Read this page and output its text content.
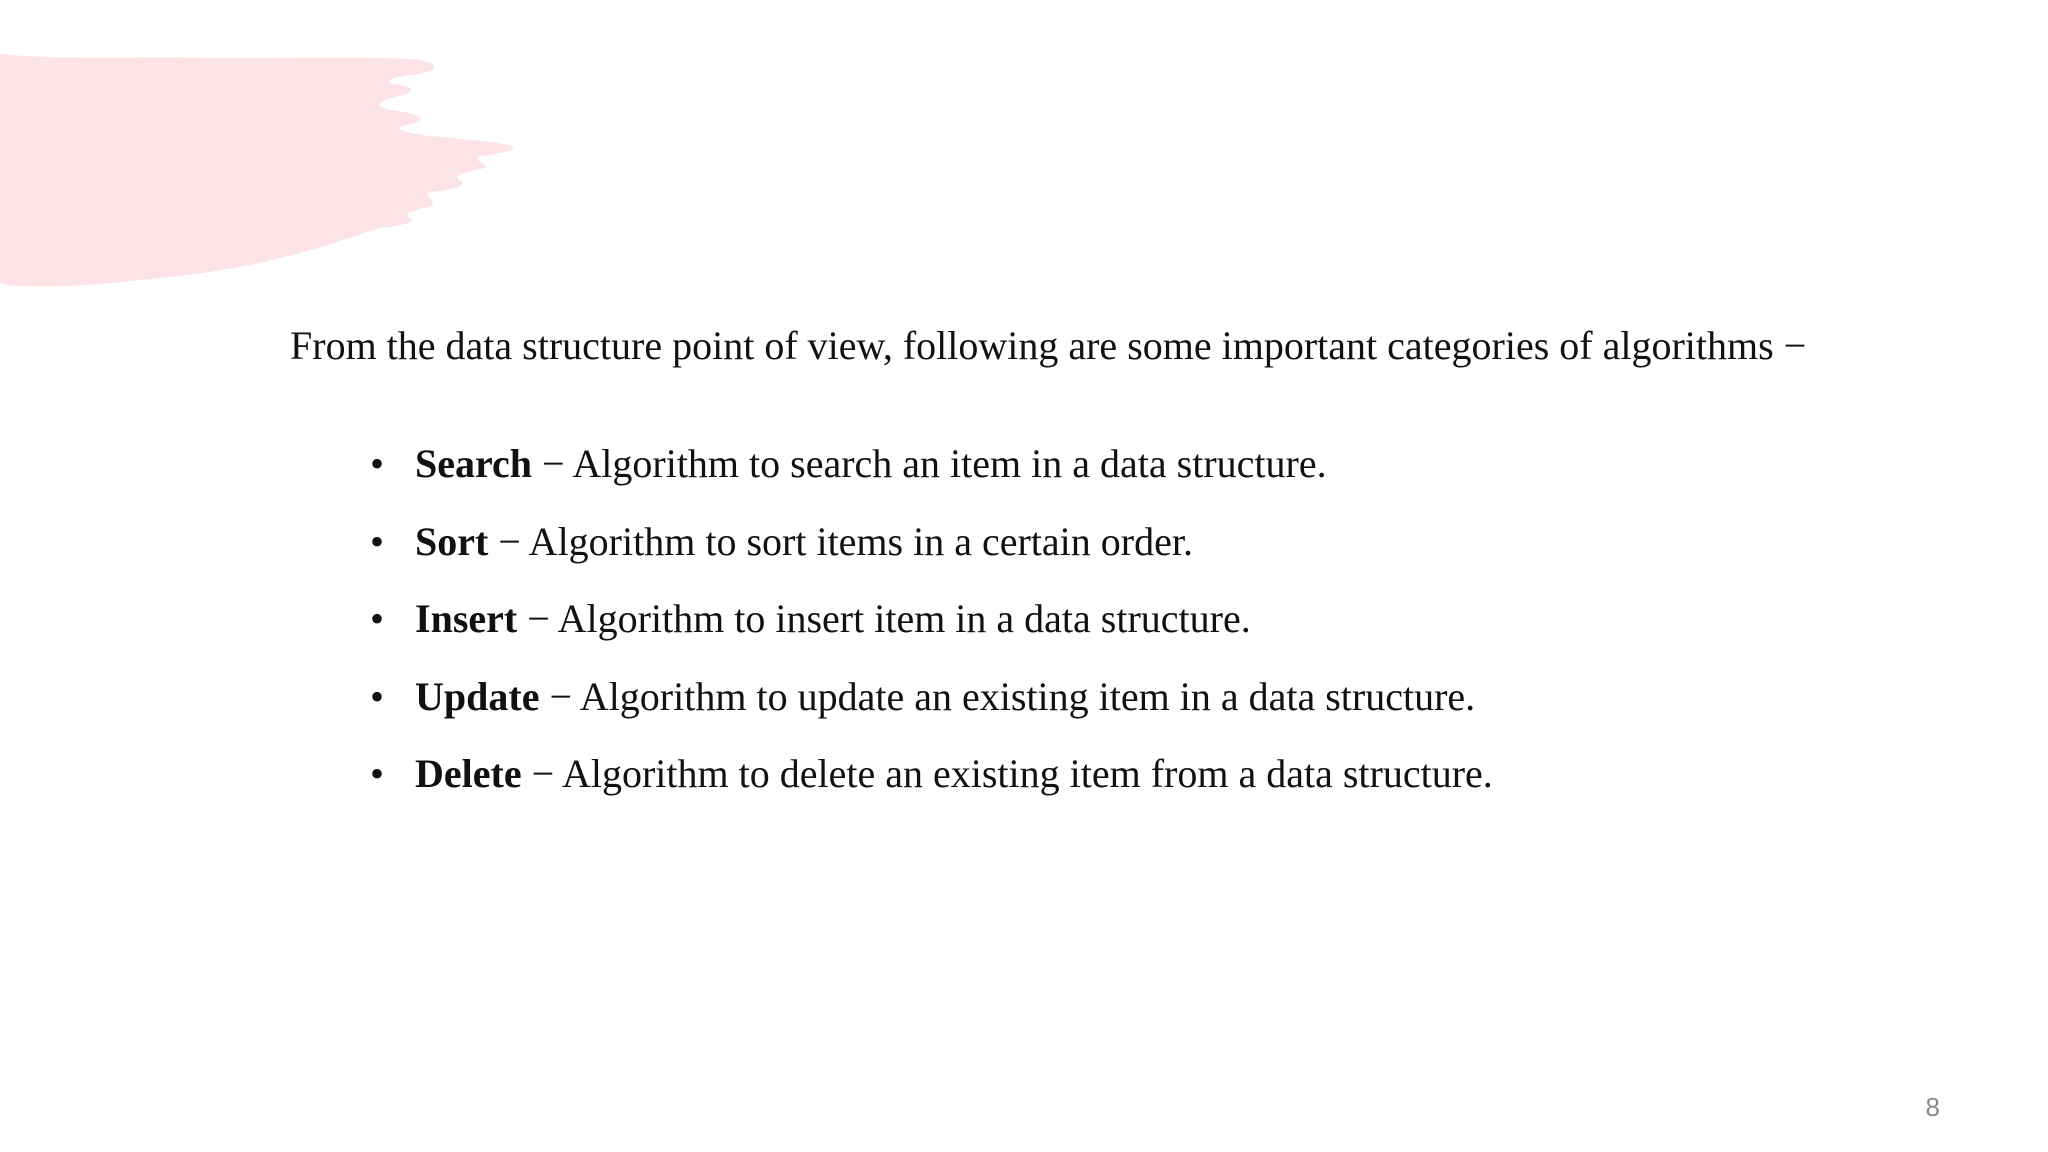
From the data structure point of view, following are some important categories of algorithms −

• Search − Algorithm to search an item in a data structure.
• Sort − Algorithm to sort items in a certain order.
• Insert − Algorithm to insert item in a data structure.
• Update − Algorithm to update an existing item in a data structure.
• Delete − Algorithm to delete an existing item from a data structure.
8
